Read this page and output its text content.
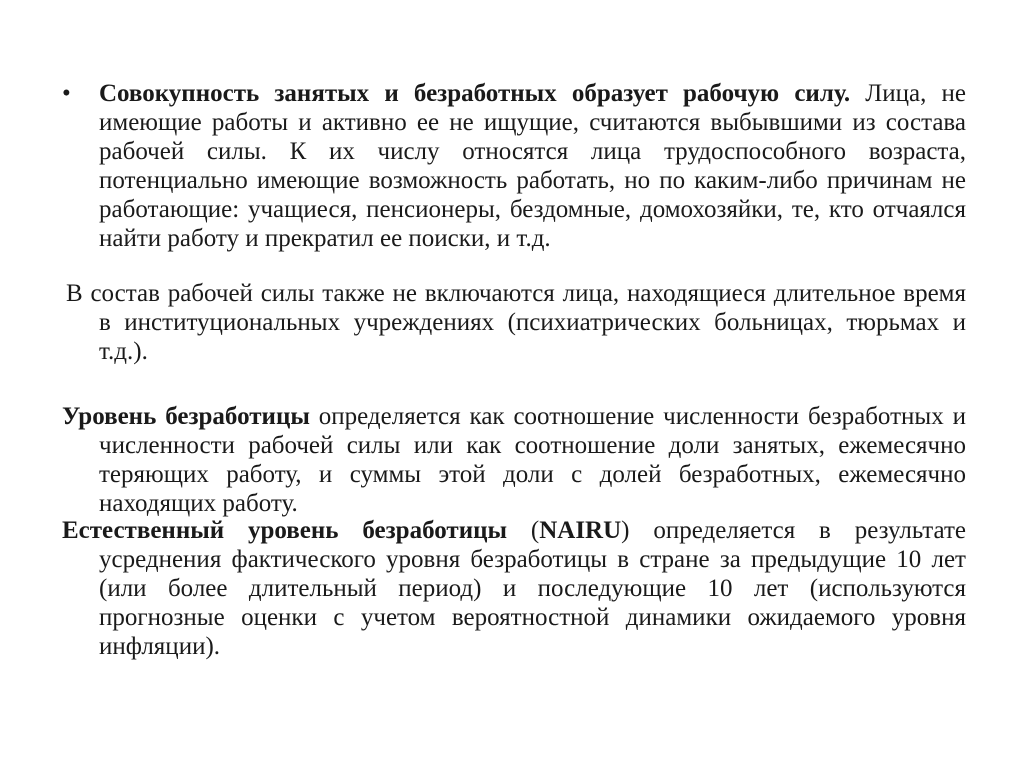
•	Совокупность занятых и безработных образует рабочую силу. Лица, не имеющие работы и активно ее не ищущие, считаются выбывшими из состава рабочей силы. К их числу относятся лица трудоспособного возраста, потенциально имеющие возможность работать, но по каким-либо причинам не работающие: учащиеся, пенсионеры, бездомные, домохозяйки, те, кто отчаялся найти работу и прекратил ее поиски, и т.д.
В состав рабочей силы также не включаются лица, находящиеся длительное время в институциональных учреждениях (психиатрических больницах, тюрьмах и т.д.).
Уровень безработицы определяется как соотношение численности безработных и численности рабочей силы или как соотношение доли занятых, ежемесячно теряющих работу, и суммы этой доли с долей безработных, ежемесячно находящих работу.
Естественный уровень безработицы (NAIRU) определяется в результате усреднения фактического уровня безработицы в стране за предыдущие 10 лет (или более длительный период) и последующие 10 лет (используются прогнозные оценки с учетом вероятностной динамики ожидаемого уровня инфляции).
